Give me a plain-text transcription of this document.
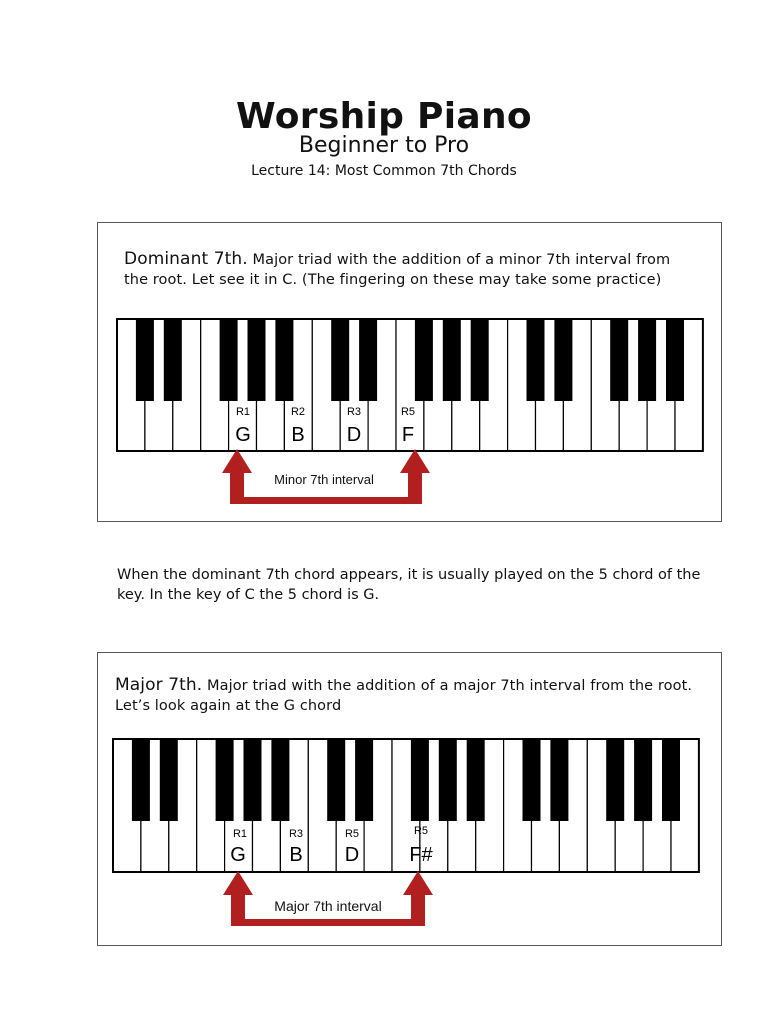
Worship Piano
Beginner to Pro
Lecture 14: Most Common 7th Chords
Dominant 7th. Major triad with the addition of a minor 7th interval from the root. Let see it in C. (The fingering on these may take some practice)
Minor 7th interval
R1	R2	R3	R5
G B D F
When the dominant 7th chord appears, it is usually played on the 5 chord of the key. In the key of C the 5 chord is G.
Major 7th. Major triad with the addition of a major 7th interval from the root. Let’s look again at the G chord
Major 7th interval
R1	R3	R5	R5
G B D	F#
